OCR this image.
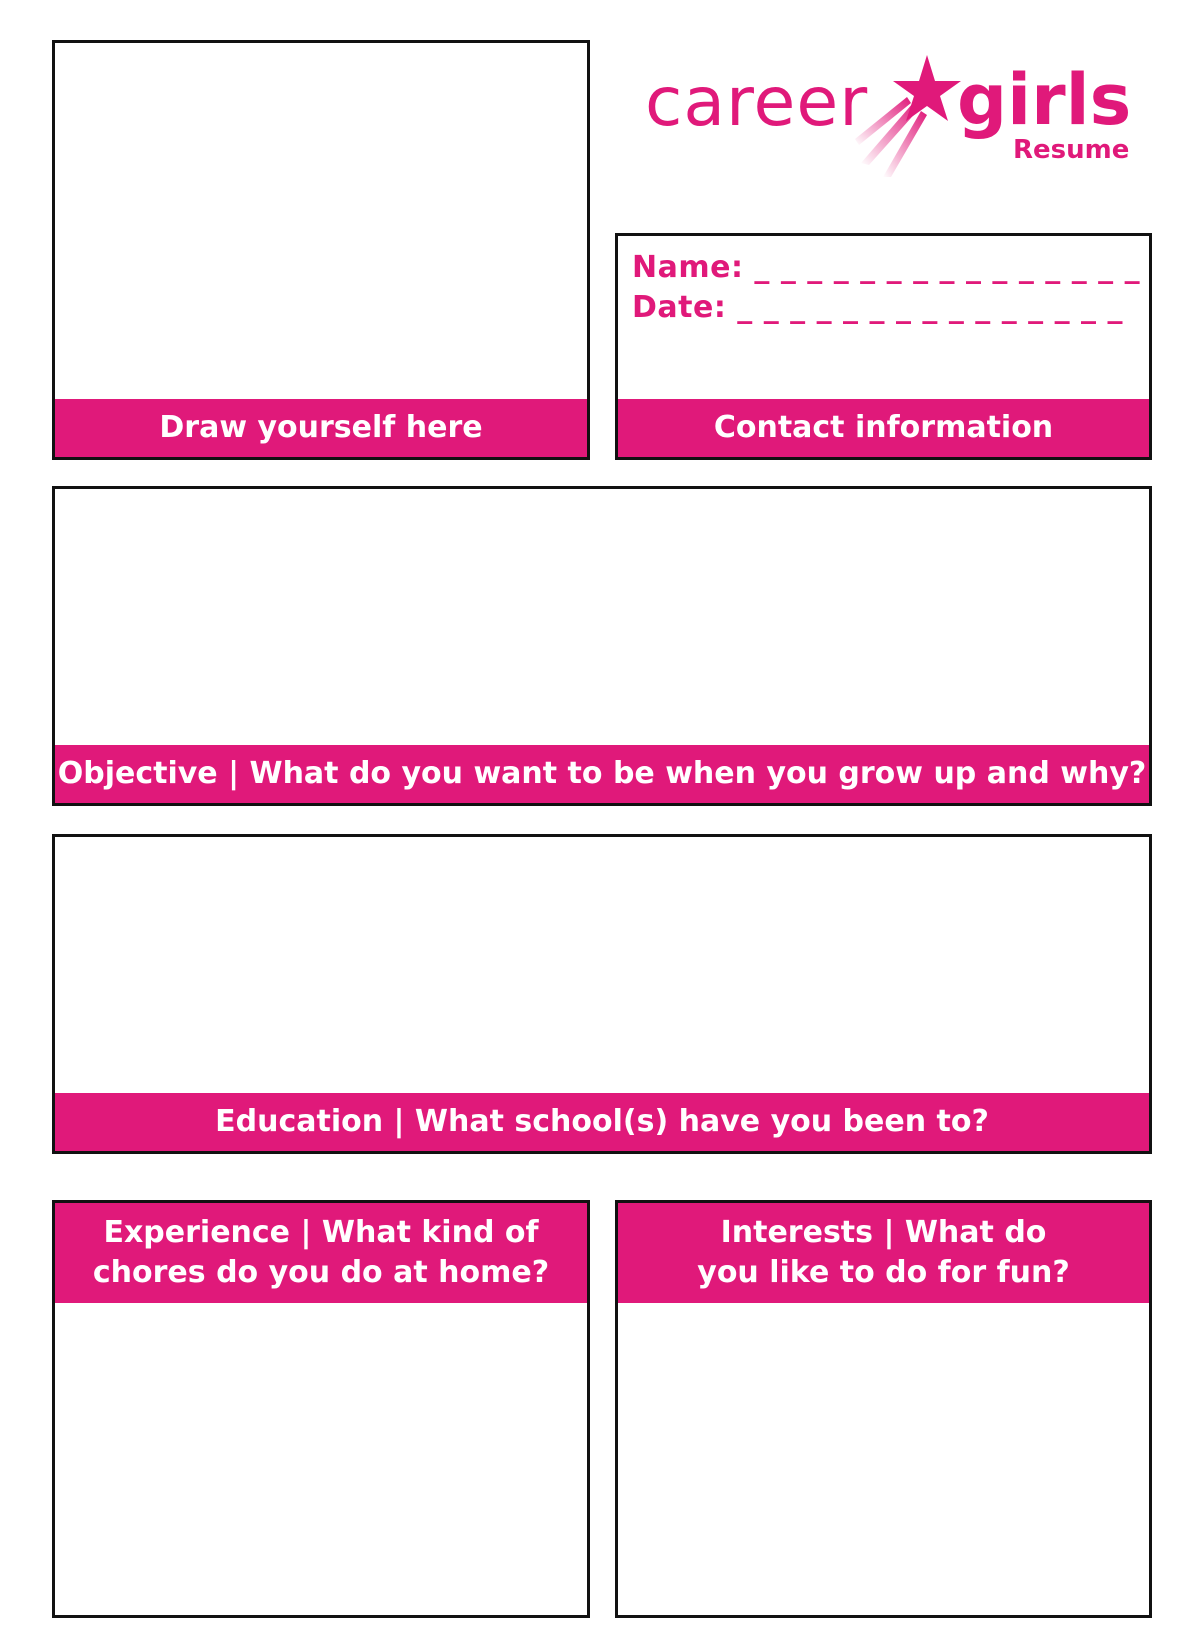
career girls
Resume
Draw yourself here
Name: _ _ _ _ _ _ _ _ _ _ _ _ _ _ _
Date: _ _ _ _ _ _ _ _ _ _ _ _ _ _ _
Contact information
Objective | What do you want to be when you grow up and why?
Education | What school(s) have you been to?
Experience | What kind of
chores do you do at home?
Interests | What do
you like to do for fun?
